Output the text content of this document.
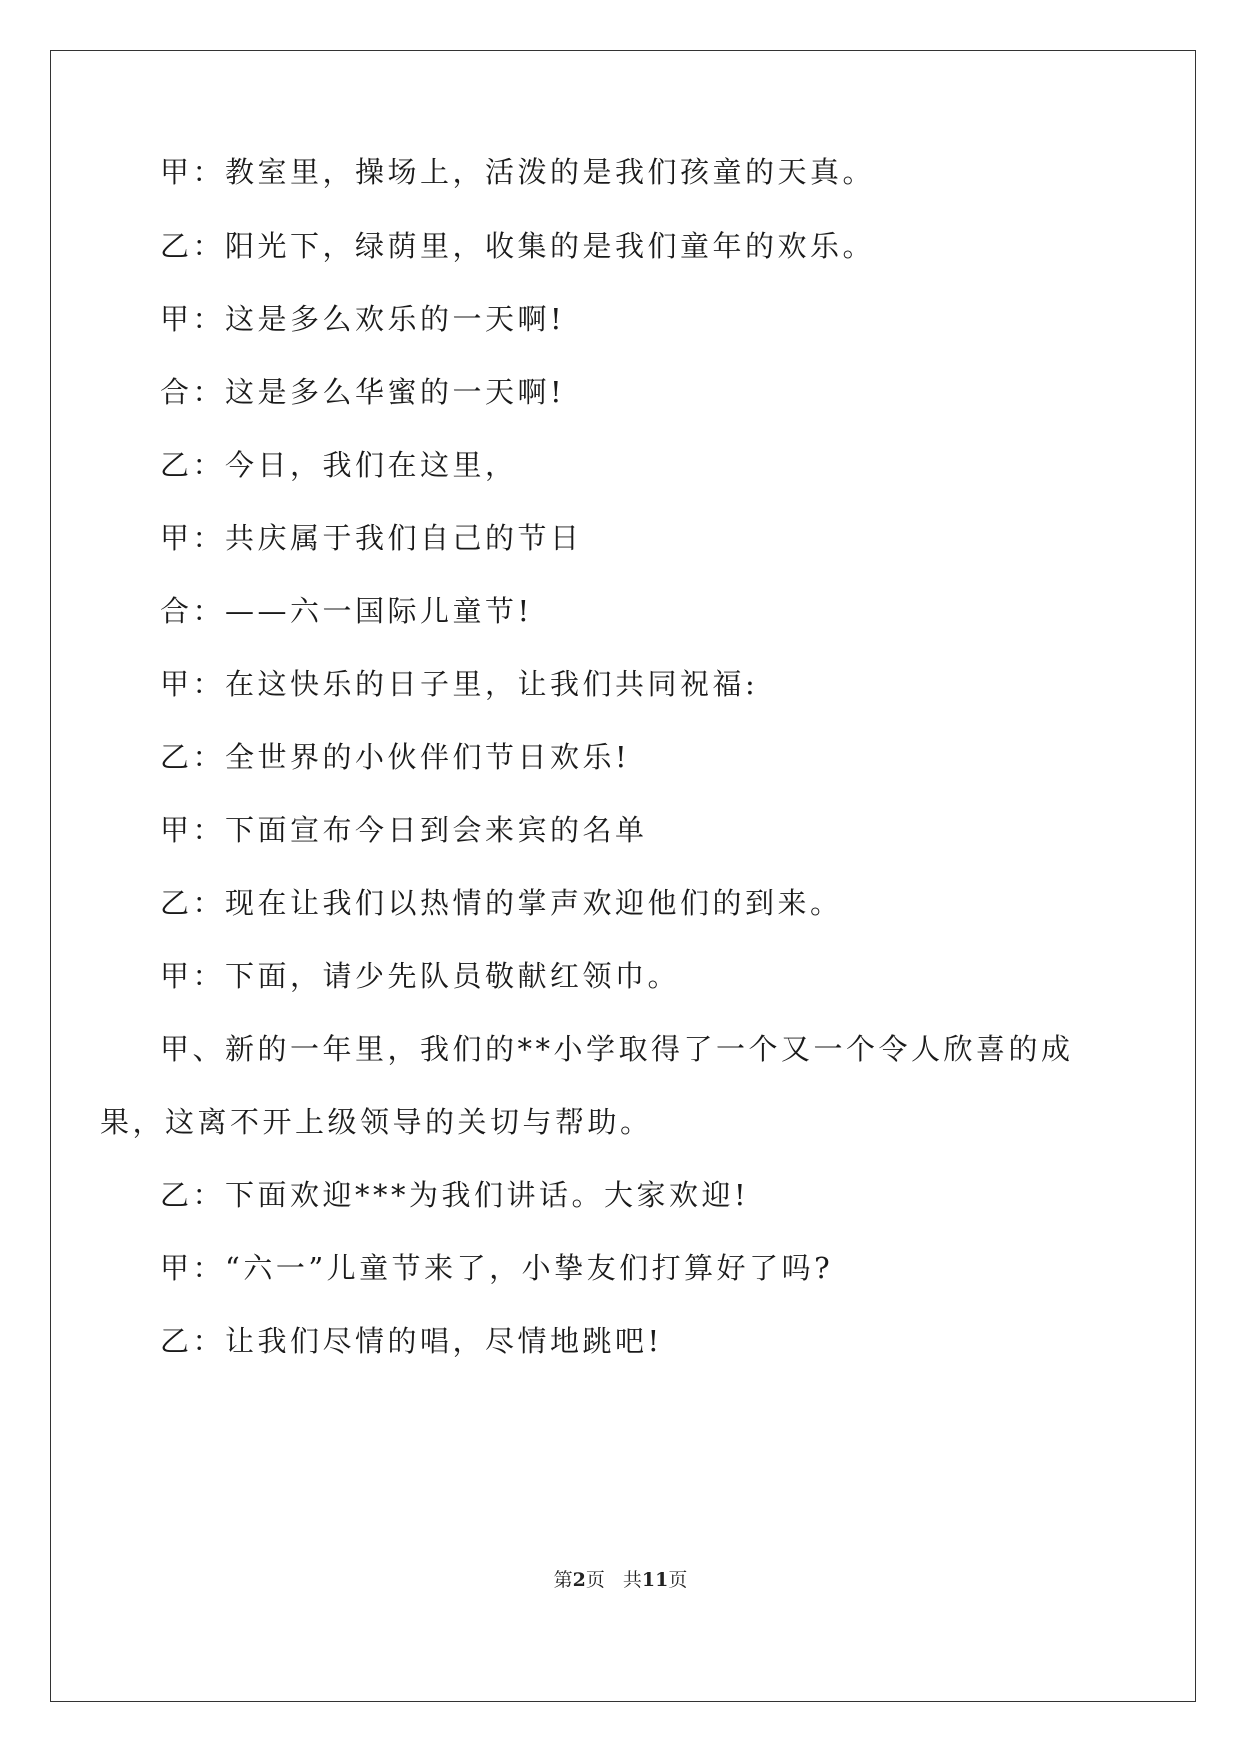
甲：教室里，操场上，活泼的是我们孩童的天真。
乙：阳光下，绿荫里，收集的是我们童年的欢乐。
甲：这是多么欢乐的一天啊!
合：这是多么华蜜的一天啊!
乙：今日，我们在这里，
甲：共庆属于我们自己的节日
合：——六一国际儿童节!
甲：在这快乐的日子里，让我们共同祝福:
乙：全世界的小伙伴们节日欢乐!
甲：下面宣布今日到会来宾的名单
乙：现在让我们以热情的掌声欢迎他们的到来。
甲：下面，请少先队员敬献红领巾。
甲、新的一年里，我们的**小学取得了一个又一个令人欣喜的成
果，这离不开上级领导的关切与帮助。
乙：下面欢迎***为我们讲话。大家欢迎!
甲：“六一”儿童节来了，小挚友们打算好了吗?
乙：让我们尽情的唱，尽情地跳吧!
第2页 共11页
